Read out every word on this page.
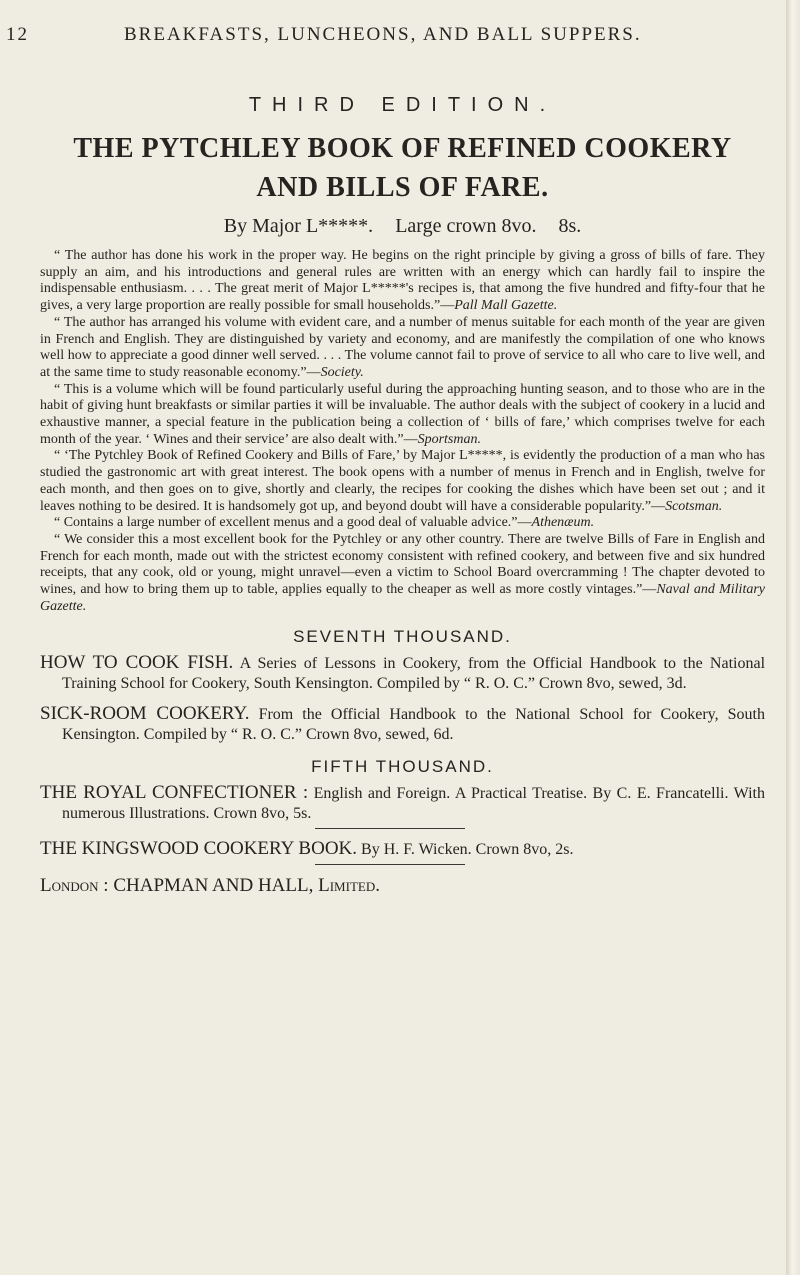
12	BREAKFASTS, LUNCHEONS, AND BALL SUPPERS.
THIRD EDITION.
THE PYTCHLEY BOOK OF REFINED COOKERY AND BILLS OF FARE.
By Major L*****. Large crown 8vo. 8s.

“ The author has done his work in the proper way. He begins on the right principle by giving a gross of bills of fare. They supply an aim, and his introductions and general rules are written with an energy which can hardly fail to inspire the indispensable enthusiasm. . . . The great merit of Major L*****'s recipes is, that among the five hundred and fifty-four that he gives, a very large proportion are really possible for small households.”—Pall Mall Gazette.

“ The author has arranged his volume with evident care, and a number of menus suitable for each month of the year are given in French and English. They are distinguished by variety and economy, and are manifestly the compilation of one who knows well how to appreciate a good dinner well served. . . . The volume cannot fail to prove of service to all who care to live well, and at the same time to study reasonable economy.”—Society.

“ This is a volume which will be found particularly useful during the approaching hunting season, and to those who are in the habit of giving hunt breakfasts or similar parties it will be invaluable. The author deals with the subject of cookery in a lucid and exhaustive manner, a special feature in the publication being a collection of ‘ bills of fare,’ which comprises twelve for each month of the year. ‘ Wines and their service’ are also dealt with.”—Sportsman.

“ ‘The Pytchley Book of Refined Cookery and Bills of Fare,’ by Major L*****, is evidently the production of a man who has studied the gastronomic art with great interest. The book opens with a number of menus in French and in English, twelve for each month, and then goes on to give, shortly and clearly, the recipes for cooking the dishes which have been set out ; and it leaves nothing to be desired. It is handsomely got up, and beyond doubt will have a considerable popularity.”—Scotsman.

“ Contains a large number of excellent menus and a good deal of valuable advice.”—Athenæum.

“ We consider this a most excellent book for the Pytchley or any other country. There are twelve Bills of Fare in English and French for each month, made out with the strictest economy consistent with refined cookery, and between five and six hundred receipts, that any cook, old or young, might unravel—even a victim to School Board overcramming ! The chapter devoted to wines, and how to bring them up to table, applies equally to the cheaper as well as more costly vintages.”—Naval and Military Gazette.

SEVENTH THOUSAND.

HOW TO COOK FISH. A Series of Lessons in Cookery, from the Official Handbook to the National Training School for Cookery, South Kensington. Compiled by “ R. O. C.” Crown 8vo, sewed, 3d.

SICK-ROOM COOKERY. From the Official Handbook to the National School for Cookery, South Kensington. Compiled by “ R. O. C.” Crown 8vo, sewed, 6d.

FIFTH THOUSAND.

THE ROYAL CONFECTIONER : English and Foreign. A Practical Treatise. By C. E. Francatelli. With numerous Illustrations. Crown 8vo, 5s.

THE KINGSWOOD COOKERY BOOK. By H. F. Wicken. Crown 8vo, 2s.

London : CHAPMAN AND HALL, Limited.
